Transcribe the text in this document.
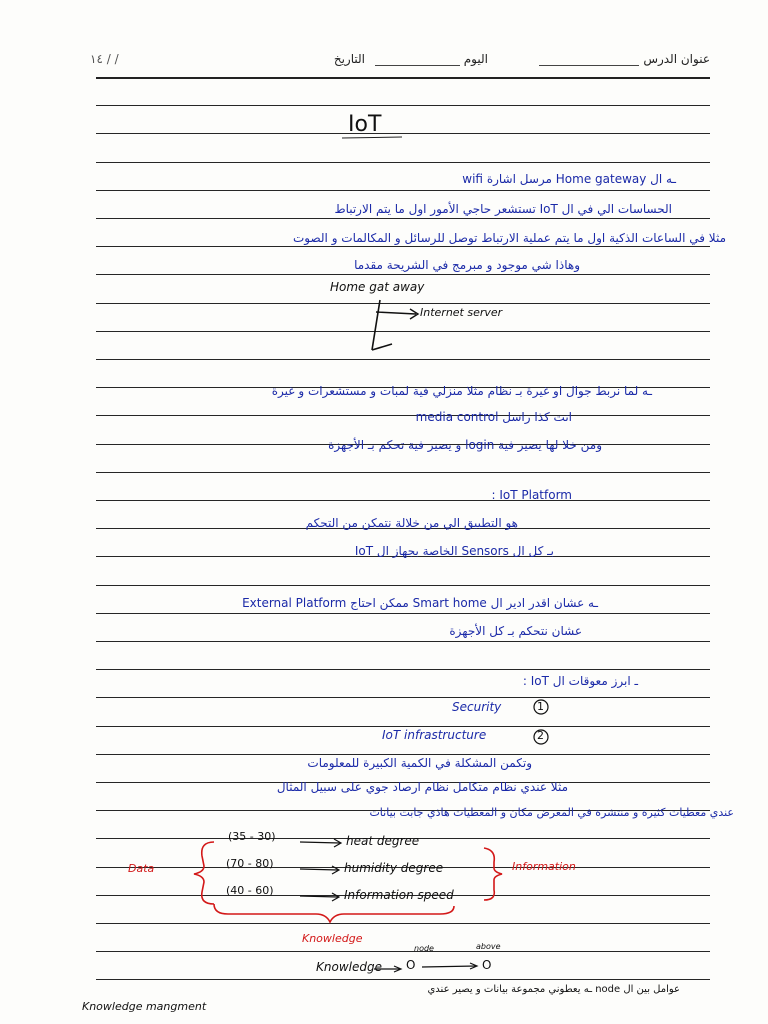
عنوان الدرس
اليوم
التاريخ
١٤ / /
IoT
ـه ال Home gateway مرسل اشارة wifi
الحساسات الي في ال IoT تستشعر حاجي الأمور اول ما يتم الارتباط
مثلا في الساعات الذكية اول ما يتم عملية الارتباط توصل للرسائل و المكالمات و الصوت
وهاذا شي موجود و مبرمج في الشريحة مقدما
Home gat away
Internet server
ـه لما نربط جوال او غيرة بـ نظام مثلا منزلي فية لمبات و مستشعرات و غيرة
انت كذا راسل media control
ومن خلا لها يصير فية login و يصير فية تحكم بـ الأجهزة
IoT Platform :
هو التطبيق الي من خلالة نتمكن من التحكم
بـ كل ال Sensors الخاصة بجهاز ال IoT
ـه عشان اقدر ادير ال Smart home ممكن احتاج External Platform
عشان نتحكم بـ كل الأجهزة
ـ ابرز معوقات ال IoT :
Security
IoT infrastructure
1
2
وتكمن المشكلة في الكمية الكبيرة للمعلومات
مثلا عندي نظام متكامل نظام ارصاد جوي على سبيل المثال
عندي معطيات كثيرة و منتشرة في المعرض مكان و المعطيات هاذي جابت بيانات
(35 - 30)	heat degree
(70 - 80)	humidity degree
(40 - 60)	Information speed
Data	Information
Knowledge
Knowledge O	O
node	above
عوامل بين ال node ـه يعطوني مجموعة بيانات و يصير عندي
Knowledge mangment
